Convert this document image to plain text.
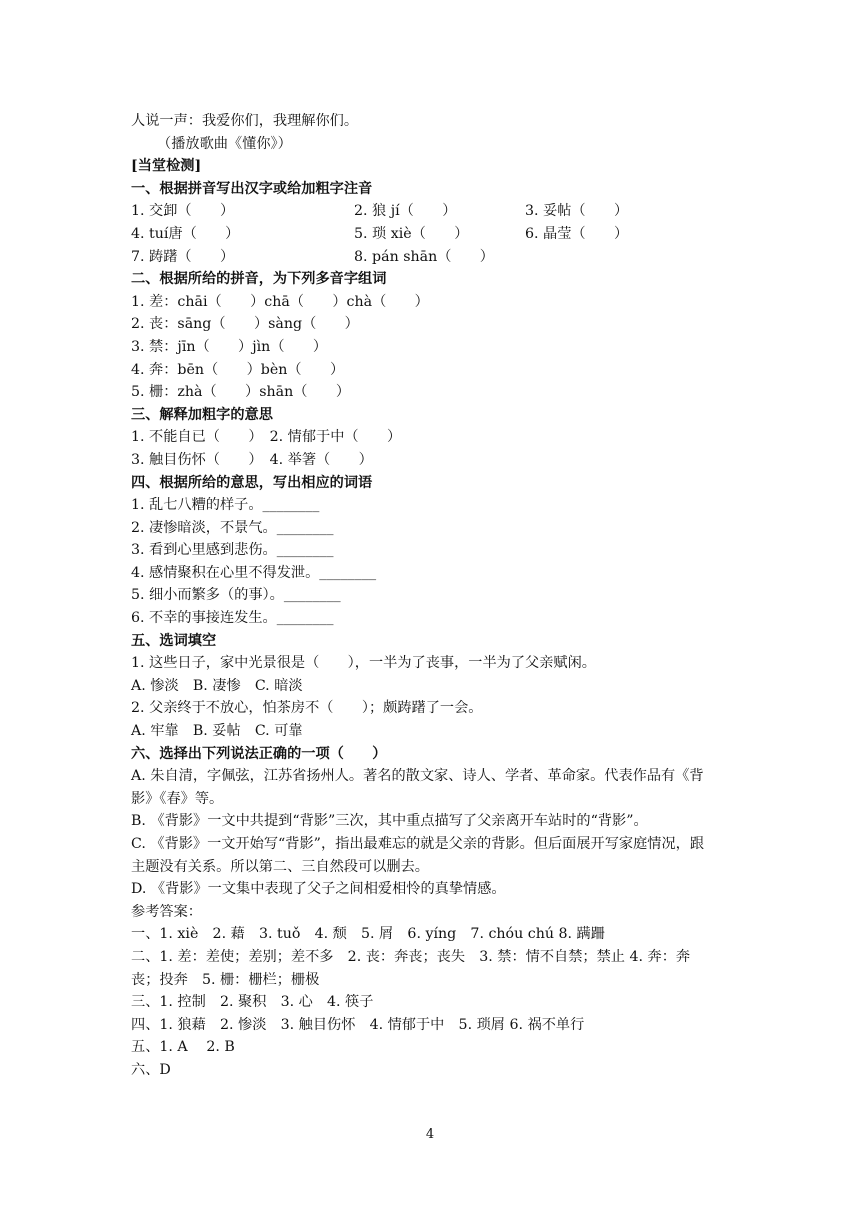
人说一声：我爱你们，我理解你们。
（播放歌曲《懂你》）
[当堂检测]
一、根据拼音写出汉字或给加粗字注音
1. 交卸（　　）	2. 狼 jí（　　）	3. 妥帖（　　）
4. tuí唐（　　）	5. 琐 xiè（　　）	6. 晶莹（　　）
7. 踌躇（　　）	8. pán shān（　　）
二、根据所给的拼音，为下列多音字组词
1. 差：chāi（　　）chā（　　）chà（　　）
2. 丧：sāng（　　）sàng（　　）
3. 禁：jīn（　　）jìn（　　）
4. 奔：bēn（　　）bèn（　　）
5. 栅：zhà（　　）shān（　　）
三、解释加粗字的意思
1. 不能自已（　　）　2. 情郁于中（　　）
3. 触目伤怀（　　）　4. 举箸（　　）
四、根据所给的意思，写出相应的词语
1. 乱七八糟的样子。________
2. 凄惨暗淡，不景气。________
3. 看到心里感到悲伤。________
4. 感情聚积在心里不得发泄。________
5. 细小而繁多（的事）。________
6. 不幸的事接连发生。________
五、选词填空
1. 这些日子，家中光景很是（　　），一半为了丧事，一半为了父亲赋闲。
A. 惨淡　B. 凄惨　C. 暗淡
2. 父亲终于不放心，怕茶房不（　　）；颇踌躇了一会。
A. 牢靠　B. 妥帖　C. 可靠
六、选择出下列说法正确的一项（　　）
A. 朱自清，字佩弦，江苏省扬州人。著名的散文家、诗人、学者、革命家。代表作品有《背影》《春》等。
B. 《背影》一文中共提到“背影”三次，其中重点描写了父亲离开车站时的“背影”。
C. 《背影》一文开始写“背影”，指出最难忘的就是父亲的背影。但后面展开写家庭情况，跟主题没有关系。所以第二、三自然段可以删去。
D. 《背影》一文集中表现了父子之间相爱相怜的真挚情感。
参考答案：
一、1. xiè　2. 藉　3. tuǒ　4. 颓　5. 屑　6. yíng　7. chóu chú 8. 蹒跚
二、1. 差：差使；差别；差不多　2. 丧：奔丧；丧失　3. 禁：情不自禁；禁止 4. 奔：奔丧；投奔　5. 栅：栅栏；栅极
三、1. 控制　2. 聚积　3. 心　4. 筷子
四、1. 狼藉　2. 惨淡　3. 触目伤怀　4. 情郁于中　5. 琐屑 6. 祸不单行
五、1. A　 2. B
六、D
4
